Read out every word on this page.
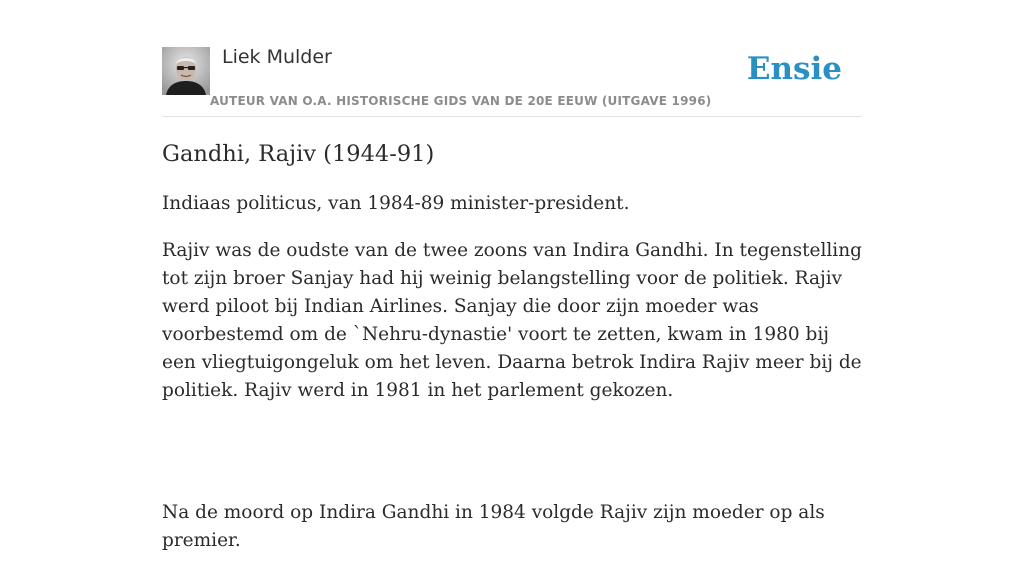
Liek Mulder
AUTEUR VAN O.A. HISTORISCHE GIDS VAN DE 20E EEUW (UITGAVE 1996)
Ensie
Gandhi, Rajiv (1944-91)

Indiaas politicus, van 1984-89 minister-president.

Rajiv was de oudste van de twee zoons van Indira Gandhi. In tegenstelling tot zijn broer Sanjay had hij weinig belangstelling voor de politiek. Rajiv werd piloot bij Indian Airlines. Sanjay die door zijn moeder was voorbestemd om de `Nehru-dynastie' voort te zetten, kwam in 1980 bij een vliegtuigongeluk om het leven. Daarna betrok Indira Rajiv meer bij de politiek. Rajiv werd in 1981 in het parlement gekozen.

Na de moord op Indira Gandhi in 1984 volgde Rajiv zijn moeder op als premier.
